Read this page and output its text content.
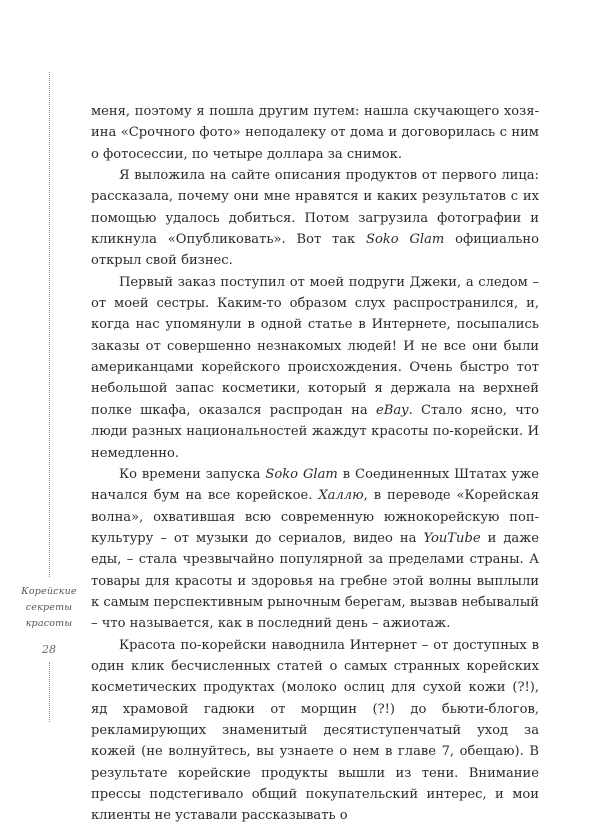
Корейские
секреты
красоты
28

меня, поэтому я пошла другим путем: нашла скучающего хозяина «Срочного фото» неподалеку от дома и договорилась с ним о фотосессии, по четыре доллара за снимок.

Я выложила на сайте описания продуктов от первого лица: рассказала, почему они мне нравятся и каких результатов с их помощью удалось добиться. Потом загрузила фотографии и кликнула «Опубликовать». Вот так Soko Glam официально открыл свой бизнес.

Первый заказ поступил от моей подруги Джеки, а следом – от моей сестры. Каким-то образом слух распространился, и, когда нас упомянули в одной статье в Интернете, посыпались заказы от совершенно незнакомых людей! И не все они были американцами корейского происхождения. Очень быстро тот небольшой запас косметики, который я держала на верхней полке шкафа, оказался распродан на eBay. Стало ясно, что люди разных национальностей жаждут красоты по-корейски. И немедленно.

Ко времени запуска Soko Glam в Соединенных Штатах уже начался бум на все корейское. Халлю, в переводе «Корейская волна», охватившая всю современную южнокорейскую поп-культуру – от музыки до сериалов, видео на YouTube и даже еды, – стала чрезвычайно популярной за пределами страны. А товары для красоты и здоровья на гребне этой волны выплыли к самым перспективным рыночным берегам, вызвав небывалый – что называется, как в последний день – ажиотаж.

Красота по-корейски наводнила Интернет – от доступных в один клик бесчисленных статей о самых странных корейских косметических продуктах (молоко ослиц для сухой кожи (?!), яд храмовой гадюки от морщин (?!) до бьюти-блогов, рекламирующих знаменитый десятиступенчатый уход за кожей (не волнуйтесь, вы узнаете о нем в главе 7, обещаю). В результате корейские продукты вышли из тени. Внимание прессы подстегивало общий покупательский интерес, и мои клиенты не уставали рассказывать о
